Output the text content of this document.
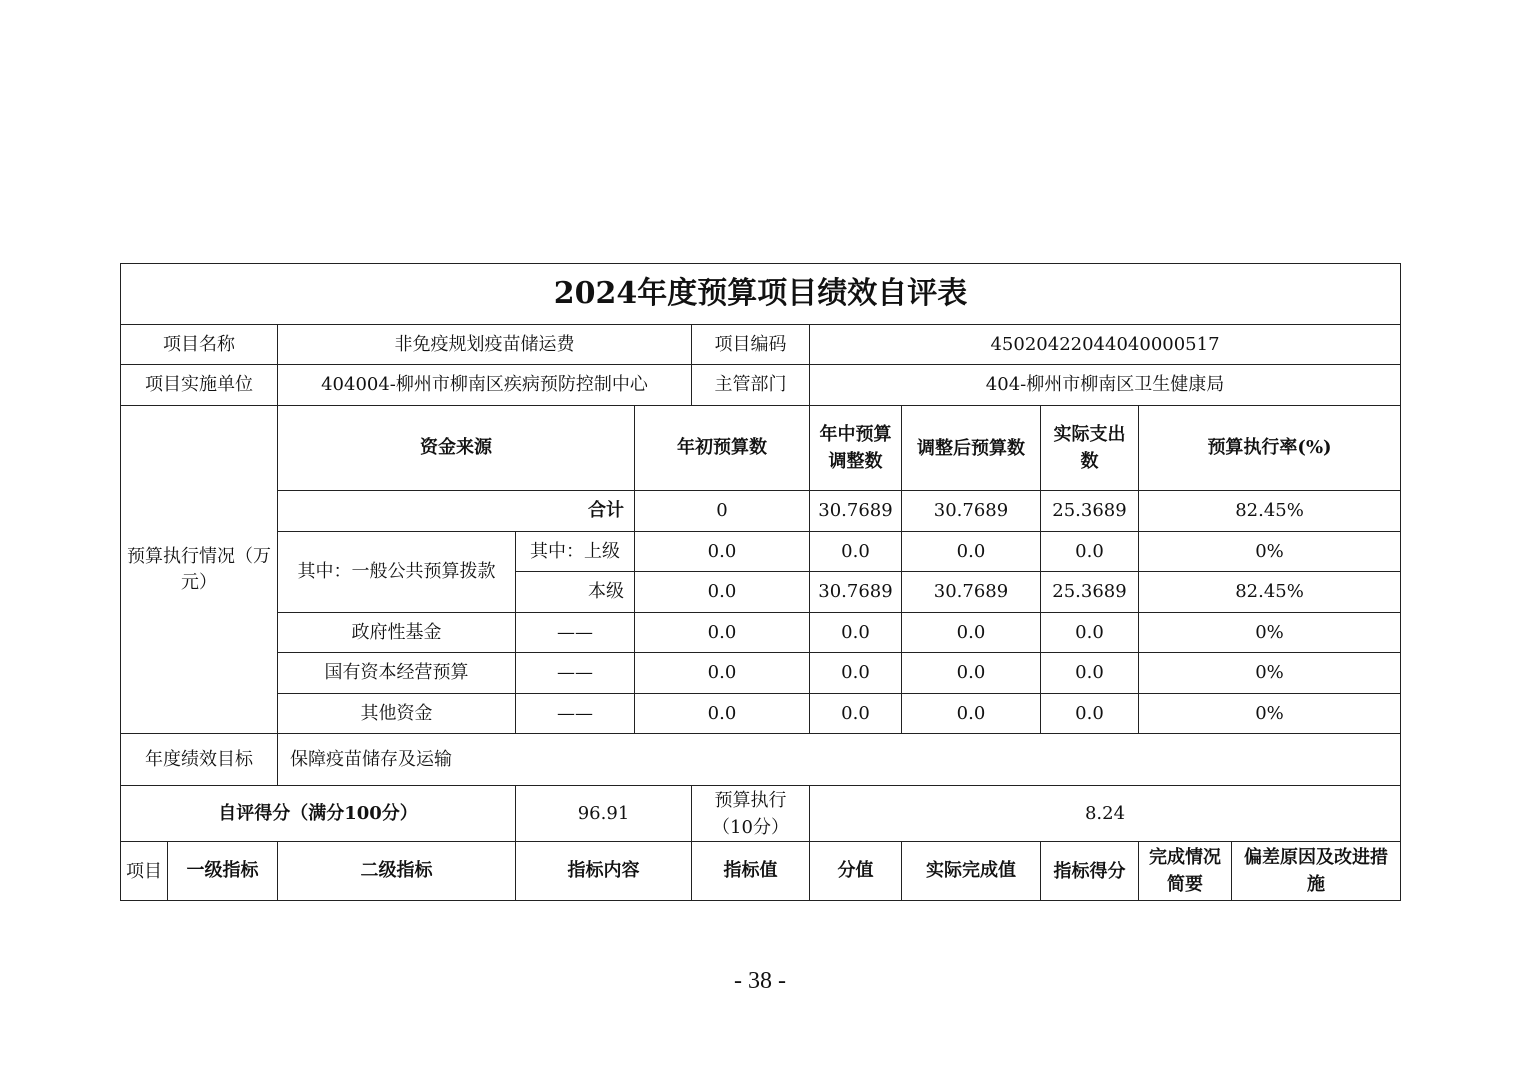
2024年度预算项目绩效自评表										
项目名称		非免疫规划疫苗储运费			项目编码	45020422044040000517				
项目实施单位		404004-柳州市柳南区疾病预防控制中心			主管部门	404-柳州市柳南区卫生健康局				
预算执行情况（万元）		资金来源		年初预算数		年中预算调整数	调整后预算数	实际支出数	预算执行率(%)	
		合计		0		30.7689	30.7689	25.3689	82.45%	
		其中：一般公共预算拨款	其中：上级	0.0		0.0	0.0	0.0	0%	
			本级	0.0		30.7689	30.7689	25.3689	82.45%	
		政府性基金	——	0.0		0.0	0.0	0.0	0%	
		国有资本经营预算	——	0.0		0.0	0.0	0.0	0%	
		其他资金	——	0.0		0.0	0.0	0.0	0%	
年度绩效目标		保障疫苗储存及运输								
自评得分（满分100分）			96.91		预算执行（10分）	8.24				
项目	一级指标	二级指标	指标内容		指标值	分值	实际完成值	指标得分	完成情况简要	偏差原因及改进措施
- 38 -
